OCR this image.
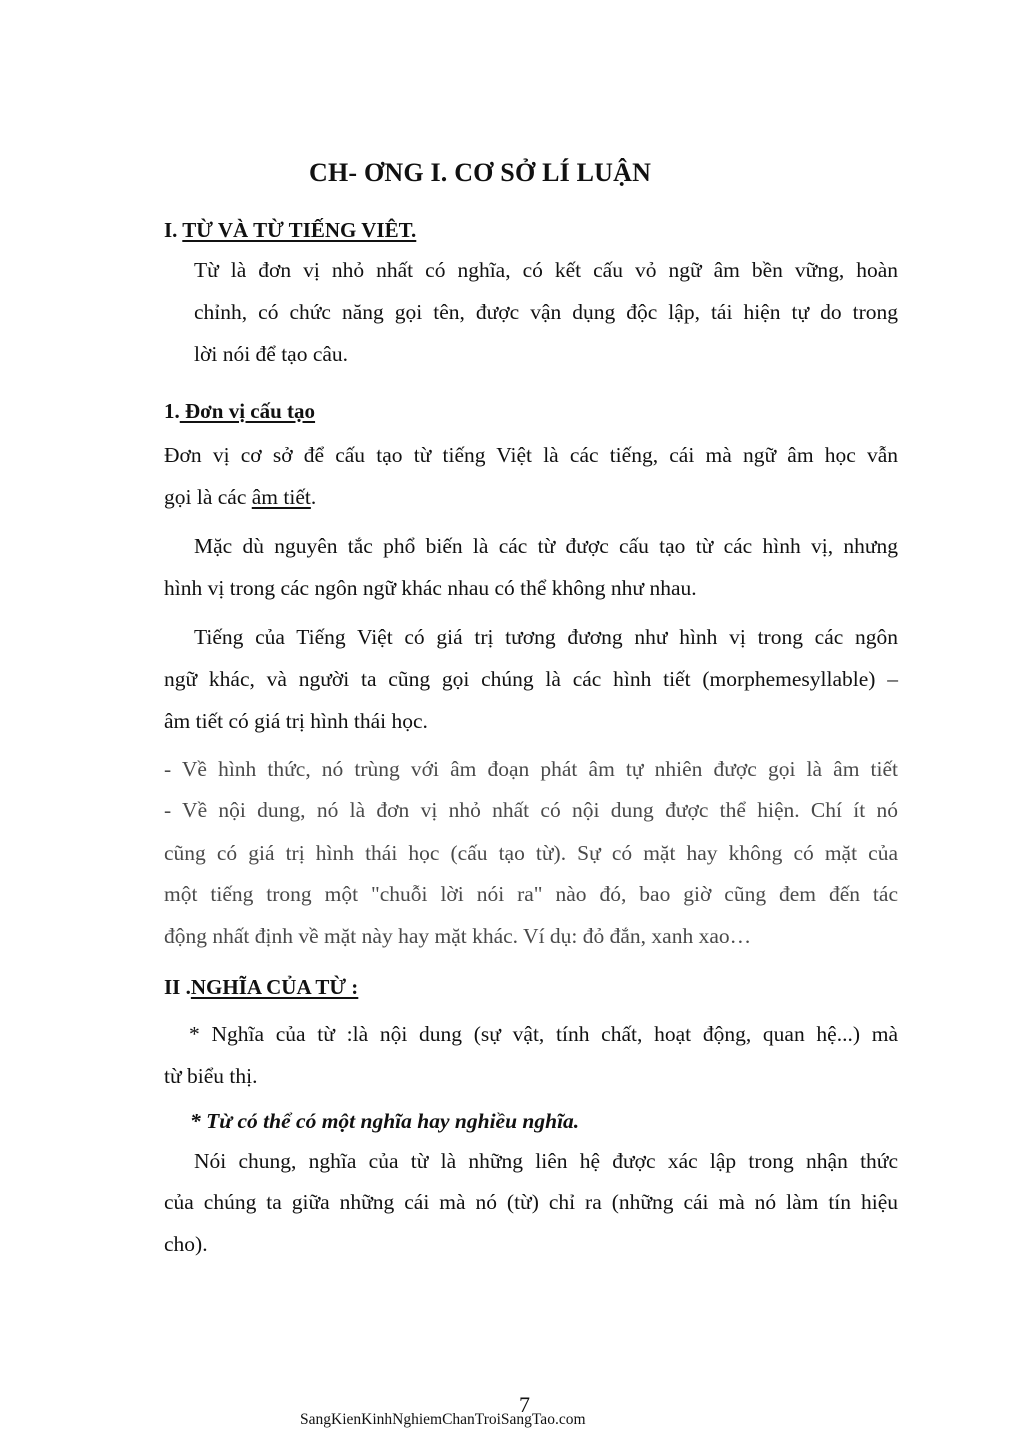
CH- ƠNG I. CƠ SỞ LÍ LUẬN
I. TỪ VÀ TỪ TIẾNG VIÊT.
Từ là đơn vị nhỏ nhất có nghĩa, có kết cấu vỏ ngữ âm bền vững, hoàn
chỉnh, có chức năng gọi tên, được vận dụng độc lập, tái hiện tự do trong
lời nói để tạo câu.
1. Đơn vị cấu tạo
Đơn vị cơ sở để cấu tạo từ tiếng Việt là các tiếng, cái mà ngữ âm học vẫn
gọi là các âm tiết.
Mặc dù nguyên tắc phổ biến là các từ được cấu tạo từ các hình vị, nhưng
hình vị trong các ngôn ngữ khác nhau có thể không như nhau.
Tiếng của Tiếng Việt có giá trị tương đương như hình vị trong các ngôn
ngữ khác, và người ta cũng gọi chúng là các hình tiết (morphemesyllable) –
âm tiết có giá trị hình thái học.
- Về hình thức, nó trùng với âm đoạn phát âm tự nhiên được gọi là âm tiết
- Về nội dung, nó là đơn vị nhỏ nhất có nội dung được thể hiện. Chí ít nó
cũng có giá trị hình thái học (cấu tạo từ). Sự có mặt hay không có mặt của
một tiếng trong một "chuỗi lời nói ra" nào đó, bao giờ cũng đem đến tác
động nhất định về mặt này hay mặt khác. Ví dụ: đỏ đắn, xanh xao…
II .NGHĨA CỦA TỪ :
* Nghĩa của từ :là nội dung (sự vật, tính chất, hoạt động, quan hệ...) mà
từ biểu thị.
* Từ có thể có một nghĩa hay nghiều nghĩa.
Nói chung, nghĩa của từ là những liên hệ được xác lập trong nhận thức
của chúng ta giữa những cái mà nó (từ) chỉ ra (những cái mà nó làm tín hiệu
cho).
7
SangKienKinhNghiemChanTroiSangTao.com
